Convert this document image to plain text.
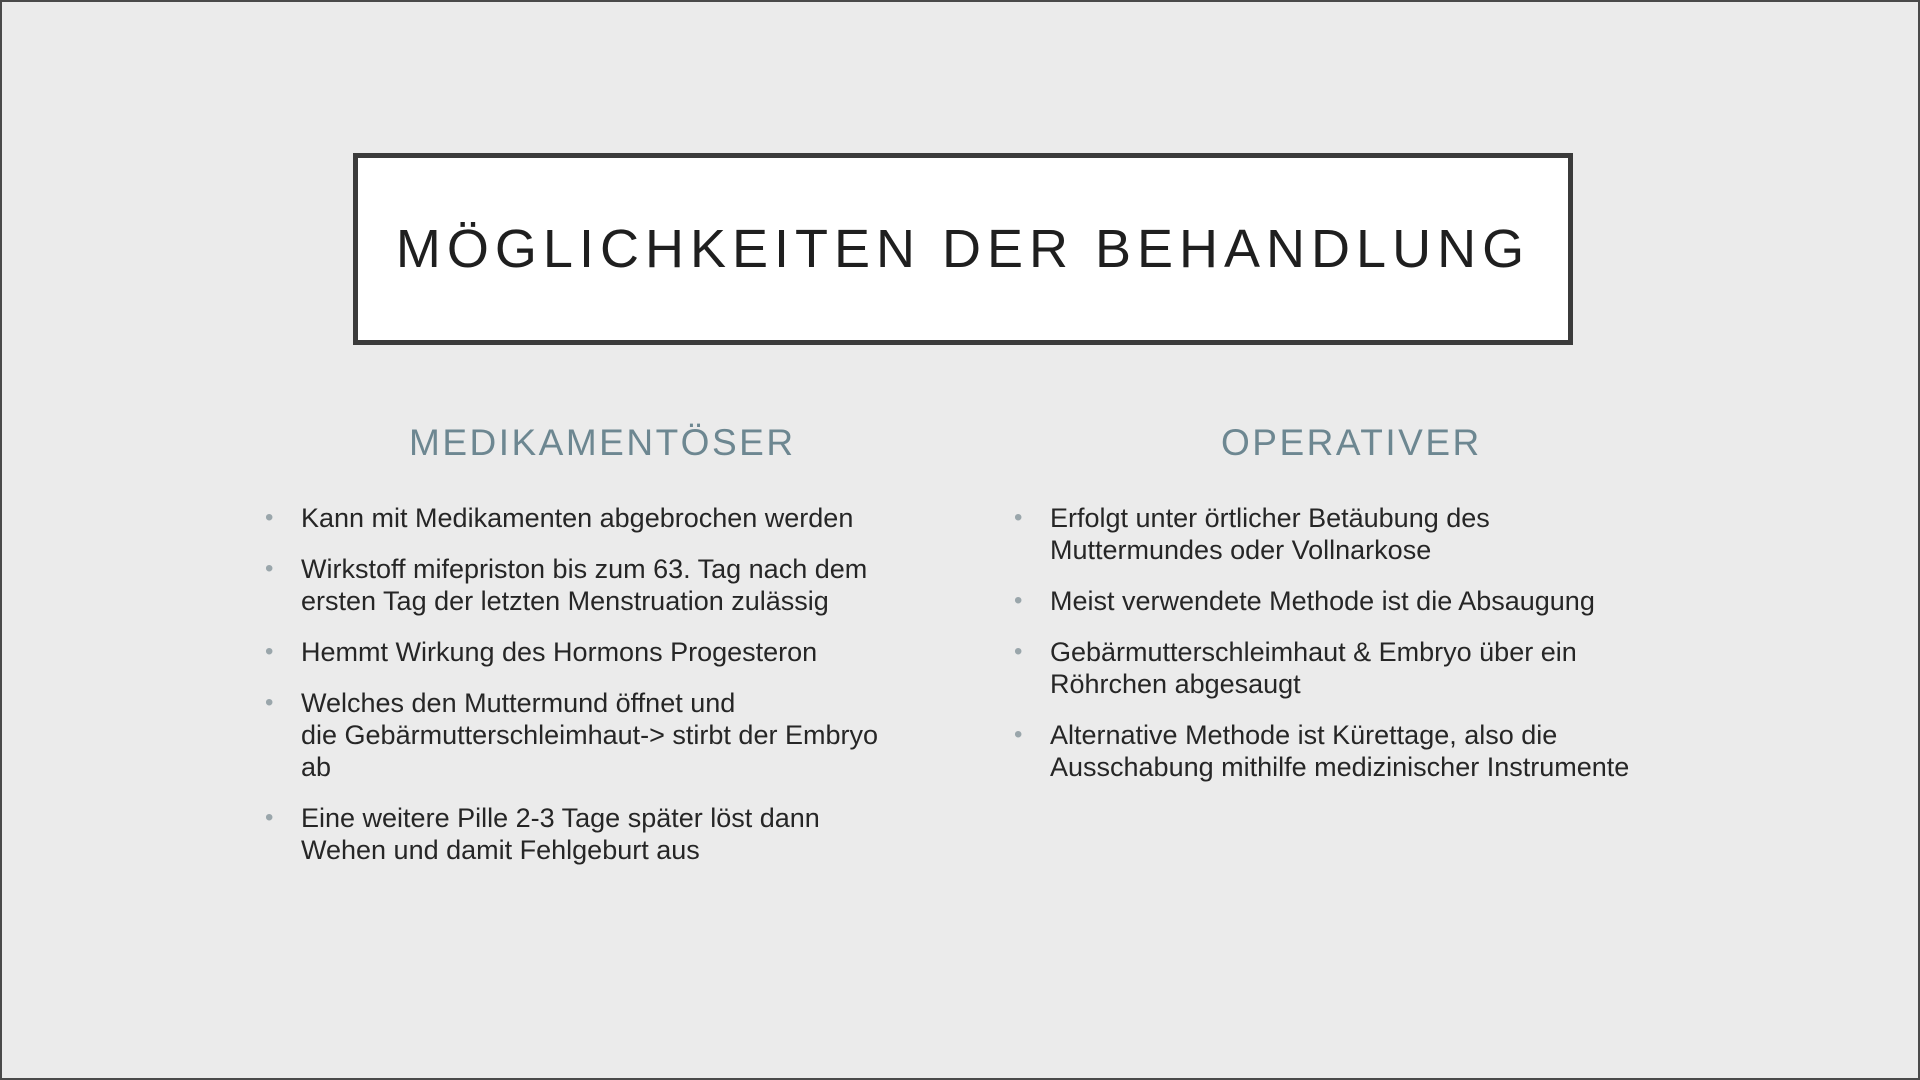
MÖGLICHKEITEN DER BEHANDLUNG
MEDIKAMENTÖSER
• Kann mit Medikamenten abgebrochen werden
• Wirkstoff mifepriston bis zum 63. Tag nach dem
ersten Tag der letzten Menstruation zulässig
• Hemmt Wirkung des Hormons Progesteron
• Welches den Muttermund öffnet und
die Gebärmutterschleimhaut-> stirbt der Embryo
ab
• Eine weitere Pille 2-3 Tage später löst dann
Wehen und damit Fehlgeburt aus
OPERATIVER
• Erfolgt unter örtlicher Betäubung des
Muttermundes oder Vollnarkose
• Meist verwendete Methode ist die Absaugung
• Gebärmutterschleimhaut & Embryo über ein
Röhrchen abgesaugt
• Alternative Methode ist Kürettage, also die
Ausschabung mithilfe medizinischer Instrumente
